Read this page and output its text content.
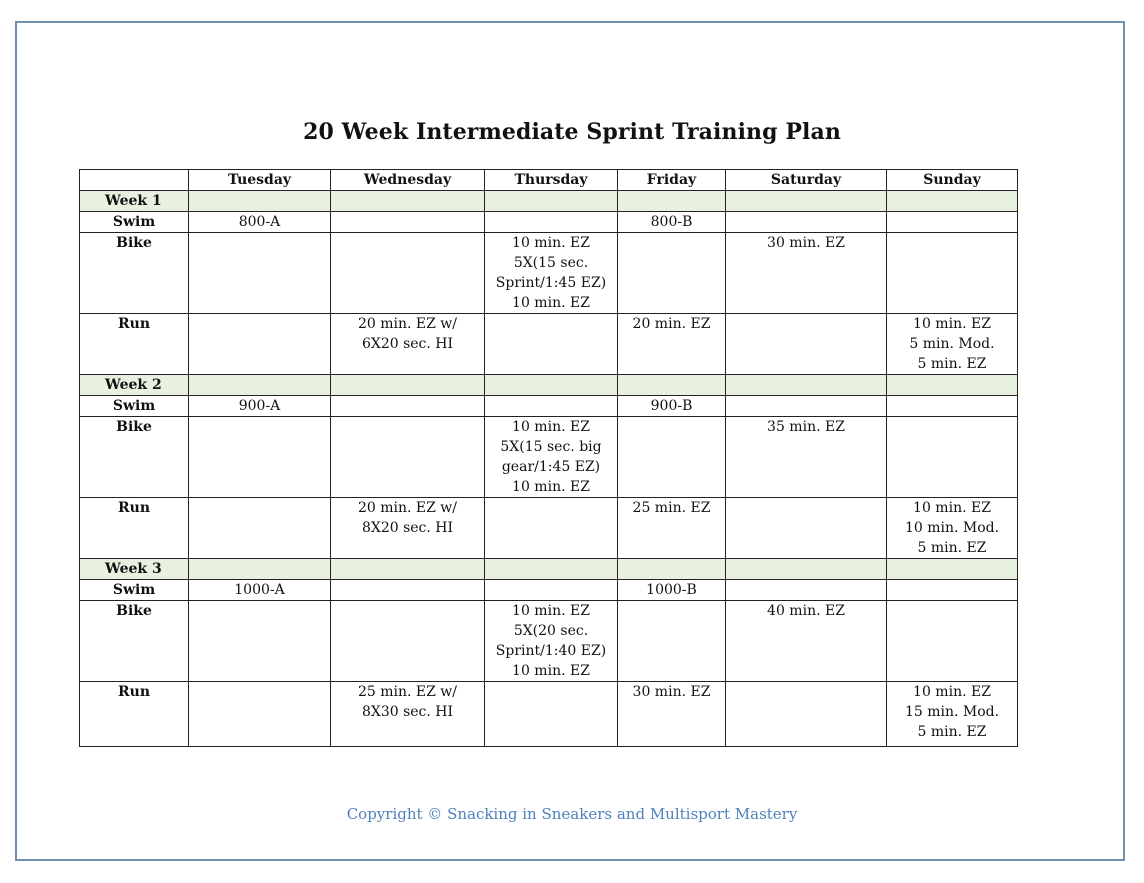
20 Week Intermediate Sprint Training Plan
	Tuesday	Wednesday	Thursday	Friday	Saturday	Sunday
Week 1						
Swim	800-A			800-B		
Bike			10 min. EZ
5X(15 sec. Sprint/1:45 EZ)
10 min. EZ		30 min. EZ	
Run		20 min. EZ w/
6X20 sec. HI		20 min. EZ		10 min. EZ
5 min. Mod.
5 min. EZ
Week 2						
Swim	900-A			900-B		
Bike			10 min. EZ
5X(15 sec. big gear/1:45 EZ)
10 min. EZ		35 min. EZ	
Run		20 min. EZ w/
8X20 sec. HI		25 min. EZ		10 min. EZ
10 min. Mod.
5 min. EZ
Week 3						
Swim	1000-A			1000-B		
Bike			10 min. EZ
5X(20 sec. Sprint/1:40 EZ)
10 min. EZ		40 min. EZ	
Run		25 min. EZ w/
8X30 sec. HI		30 min. EZ		10 min. EZ
15 min. Mod.
5 min. EZ
Copyright © Snacking in Sneakers and Multisport Mastery
